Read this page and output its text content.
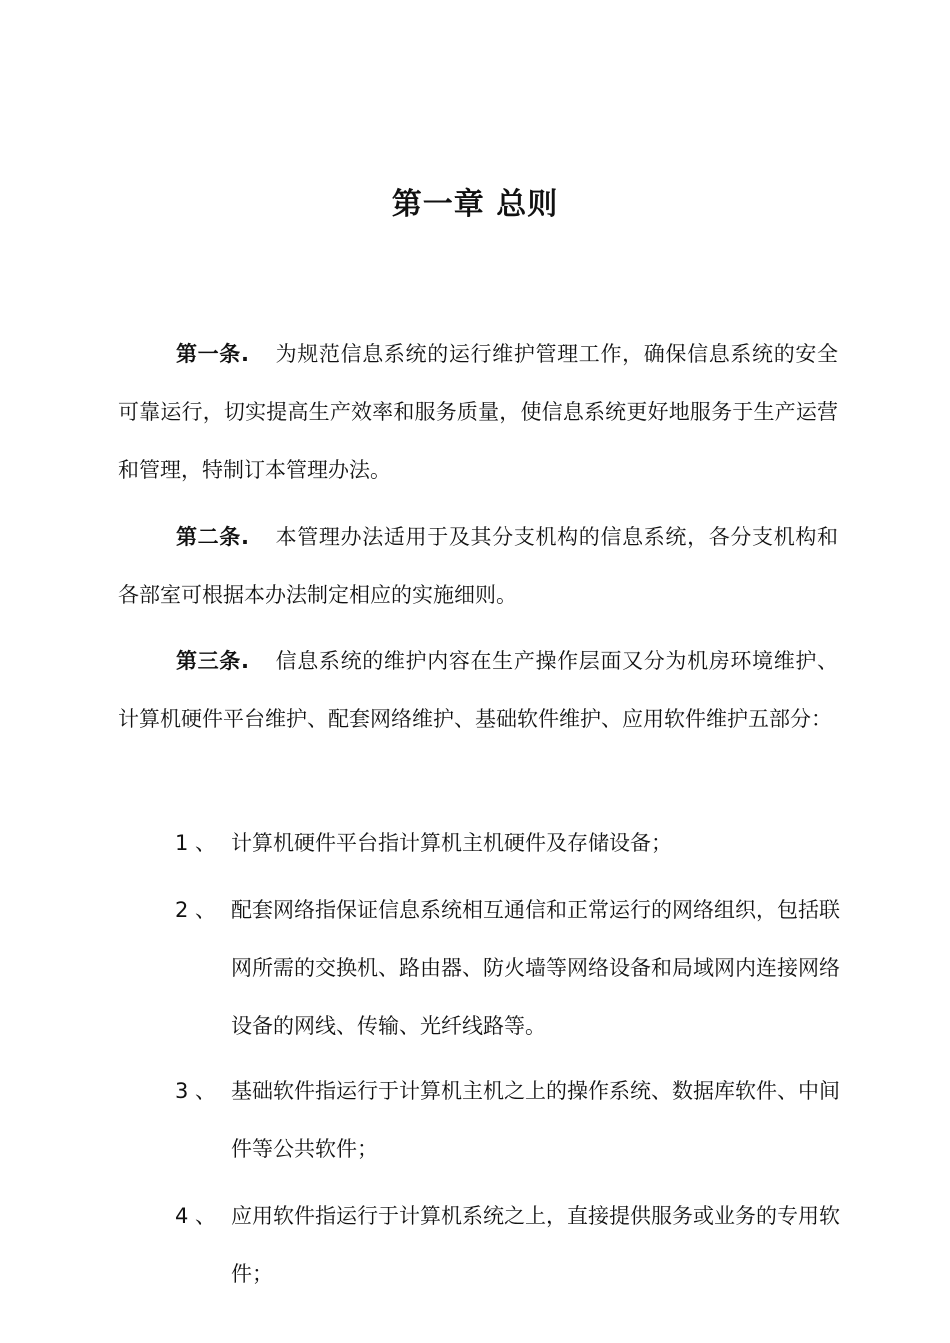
第一章 总则

第一条. 为规范信息系统的运行维护管理工作，确保信息系统的安全可靠运行，切实提高生产效率和服务质量，使信息系统更好地服务于生产运营和管理，特制订本管理办法。

第二条. 本管理办法适用于及其分支机构的信息系统，各分支机构和各部室可根据本办法制定相应的实施细则。

第三条. 信息系统的维护内容在生产操作层面又分为机房环境维护、计算机硬件平台维护、配套网络维护、基础软件维护、应用软件维护五部分：

1 、 计算机硬件平台指计算机主机硬件及存储设备；
2 、 配套网络指保证信息系统相互通信和正常运行的网络组织，包括联网所需的交换机、路由器、防火墙等网络设备和局域网内连接网络设备的网线、传输、光纤线路等。
3 、 基础软件指运行于计算机主机之上的操作系统、数据库软件、中间件等公共软件；
4 、 应用软件指运行于计算机系统之上，直接提供服务或业务的专用软件；
